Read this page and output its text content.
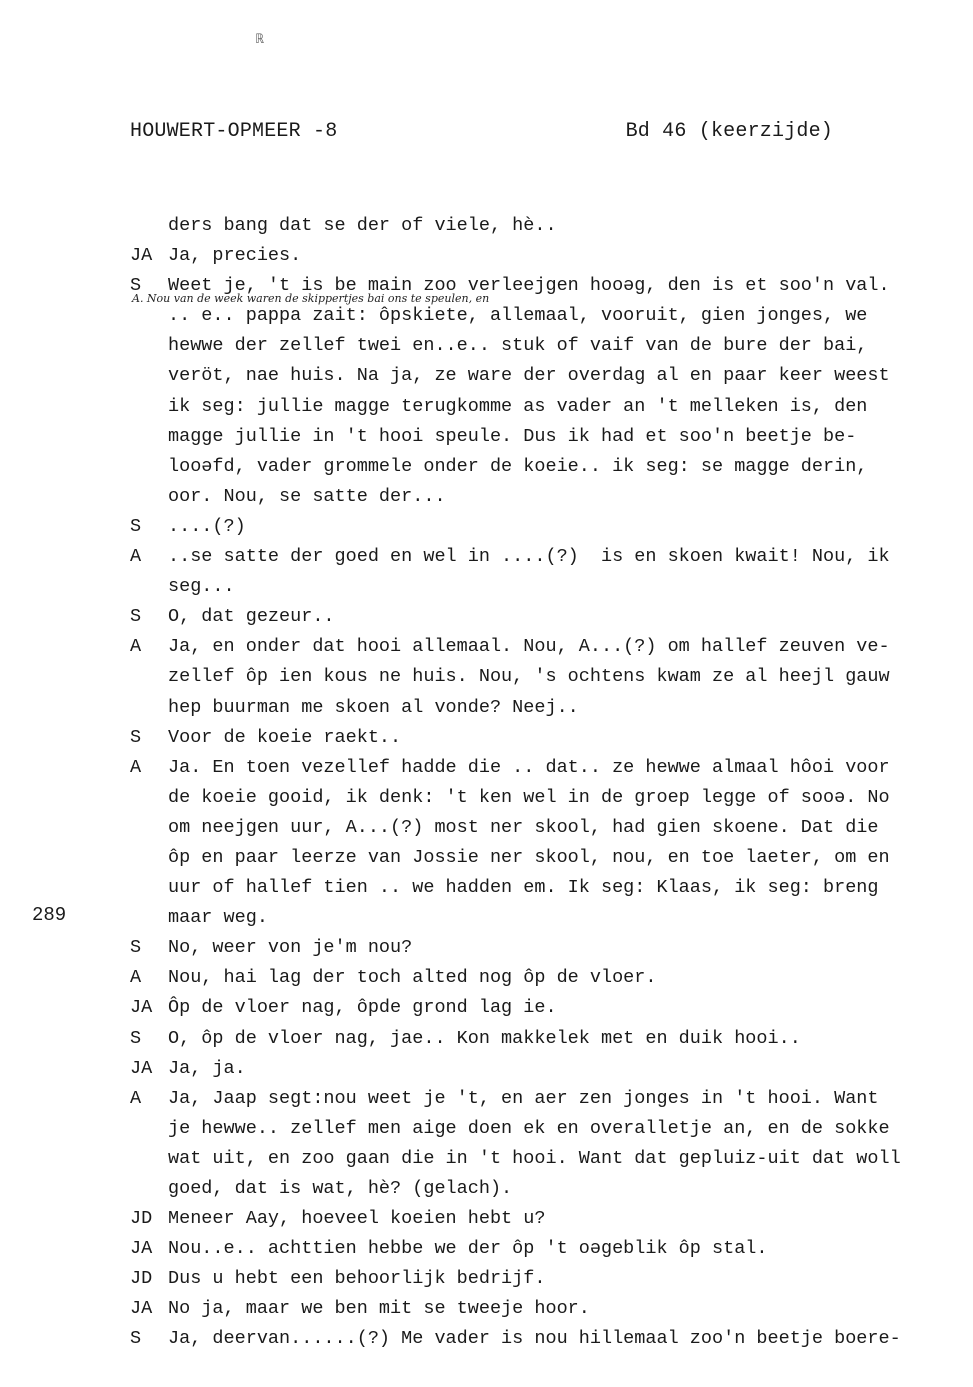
ℝ
HOUWERT-OPMEER -8	Bd 46 (keerzijde)
A. Nou van de week waren de skippertjes bai ons te speulen, en
289
ders bang dat se der of viele, hè..
JA Ja, precies.
S	Weet je, 't is be main zoo verleejgen hooəg, den is et soo'n val.
.. e.. pappa zait: ôpskiete, allemaal, vooruit, gien jonges, we
hewwe der zellef twei en..e.. stuk of vaif van de bure der bai,
veröt, nae huis. Na ja, ze ware der overdag al en paar keer weest
ik seg: jullie magge terugkomme as vader an 't melleken is, den
magge jullie in 't hooi speule. Dus ik had et soo'n beetje be-
looəfd, vader grommele onder de koeie.. ik seg: se magge derin,
oor. Nou, se satte der...
S	....(?)
A	..se satte der goed en wel in ....(?)  is en skoen kwait! Nou, ik
seg...
S	O, dat gezeur..
A	Ja, en onder dat hooi allemaal. Nou, A...(?) om hallef zeuven ve-
zellef ôp ien kous ne huis. Nou, 's ochtens kwam ze al heejl gauw
hep buurman me skoen al vonde? Neej..
S	Voor de koeie raekt..
A	Ja. En toen vezellef hadde die .. dat.. ze hewwe almaal hôoi voor
de koeie gooid, ik denk: 't ken wel in de groep legge of sooə. No
om neejgen uur, A...(?) most ner skool, had gien skoene. Dat die
ôp en paar leerze van Jossie ner skool, nou, en toe laeter, om en
uur of hallef tien .. we hadden em. Ik seg: Klaas, ik seg: breng
maar weg.
S	No, weer von je'm nou?
A	Nou, hai lag der toch alted nog ôp de vloer.
JA Ôp de vloer nag, ôpde grond lag ie.
S	O, ôp de vloer nag, jae.. Kon makkelek met en duik hooi..
JA Ja, ja.
A	Ja, Jaap segt:nou weet je 't, en aer zen jonges in 't hooi. Want
je hewwe.. zellef men aige doen ek en overalletje an, en de sokke
wat uit, en zoo gaan die in 't hooi. Want dat gepluiz-uit dat woll
goed, dat is wat, hè? (gelach).
JD Meneer Aay, hoeveel koeien hebt u?
JA Nou..e.. achttien hebbe we der ôp 't oəgeblik ôp stal.
JD Dus u hebt een behoorlijk bedrijf.
JA No ja, maar we ben mit se tweeje hoor.
S	Ja, deervan......(?) Me vader is nou hillemaal zoo'n beetje boere-
